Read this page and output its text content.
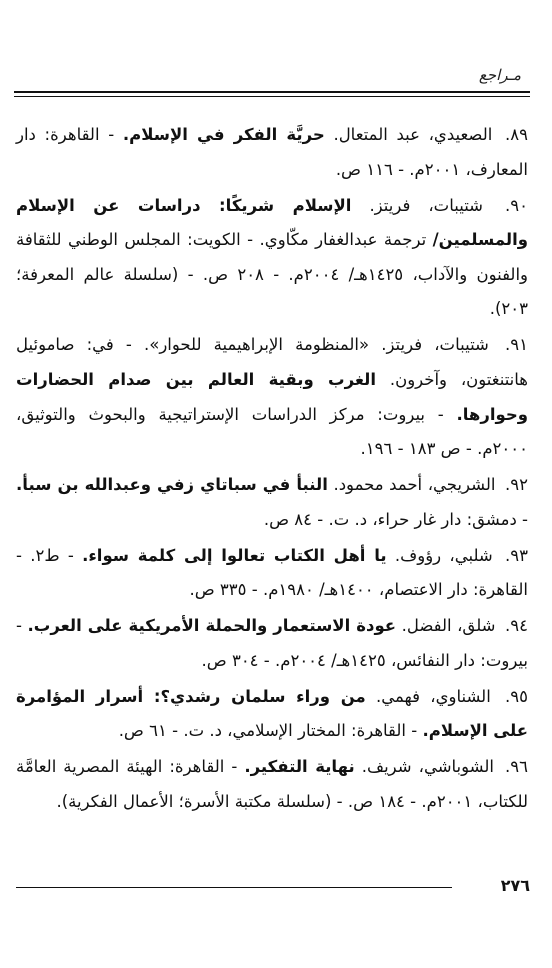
مـراجع
٨٩. الصعيدي، عبد المتعال. حريَّة الفكر في الإسلام. - القاهرة: دار المعارف، ٢٠٠١م. - ١١٦ ص.
٩٠. شتيبات، فريتز. الإسلام شريكًا: دراسات عن الإسلام والمسلمين/ ترجمة عبدالغفار مكّاوي. - الكويت: المجلس الوطني للثقافة والفنون والآداب، ١٤٢٥هـ/ ٢٠٠٤م. - ٢٠٨ ص. - (سلسلة عالم المعرفة؛ ٢٠٣).
٩١. شتيبات، فريتز. «المنظومة الإبراهيمية للحوار». - في: صاموئيل هانتنغتون، وآخرون. الغرب وبقية العالم بين صدام الحضارات وحوارها. - بيروت: مركز الدراسات الإستراتيجية والبحوث والتوثيق، ٢٠٠٠م. - ص ١٨٣ - ١٩٦.
٩٢. الشريجي، أحمد محمود. النبأ في سباتاي زفي وعبدالله بن سبأ. - دمشق: دار غار حراء، د. ت. - ٨٤ ص.
٩٣. شلبي، رؤوف. يا أهل الكتاب تعالوا إلى كلمة سواء. - ط٢. - القاهرة: دار الاعتصام، ١٤٠٠هـ/ ١٩٨٠م. - ٣٣٥ ص.
٩٤. شلق، الفضل. عودة الاستعمار والحملة الأمريكية على العرب. - بيروت: دار النفائس، ١٤٢٥هـ/ ٢٠٠٤م. - ٣٠٤ ص.
٩٥. الشناوي، فهمي. من وراء سلمان رشدي؟: أسرار المؤامرة على الإسلام. - القاهرة: المختار الإسلامي، د. ت. - ٦١ ص.
٩٦. الشوباشي، شريف. نهاية التفكير. - القاهرة: الهيئة المصرية العامَّة للكتاب، ٢٠٠١م. - ١٨٤ ص. - (سلسلة مكتبة الأسرة؛ الأعمال الفكرية).
٢٧٦
